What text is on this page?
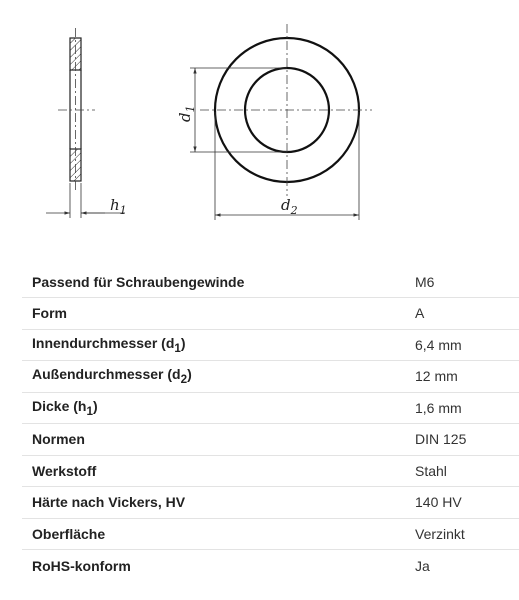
$h_1$
$d_1$
$d_2$
Passend für Schraubengewinde	M6
Form	A
Innendurchmesser $(d_1)$	6,4 mm
Außendurchmesser $(d_2)$	12 mm
Dicke $(h_1)$	1,6 mm
Normen	DIN 125
Werkstoff	Stahl
Härte nach Vickers, HV	140 HV
Oberfläche	Verzinkt
RoHS-konform	Ja
